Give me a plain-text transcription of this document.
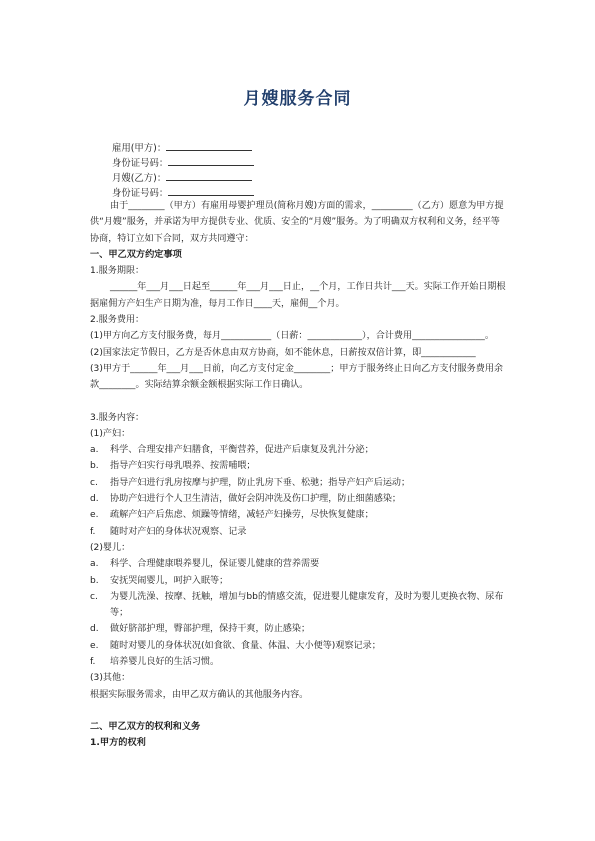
月嫂服务合同
雇用(甲方)：
身份证号码：
月嫂(乙方)：
身份证号码：

由于________（甲方）有雇用母婴护理员(简称月嫂)方面的需求，_________（乙方）愿意为甲方提供“月嫂”服务，并承诺为甲方提供专业、优质、安全的“月嫂”服务。为了明确双方权利和义务，经平等协商，特订立如下合同，双方共同遵守：

一、甲乙双方约定事项

1.服务期限：

______年___月___日起至______年___月___日止，__个月，工作日共计___天。实际工作开始日期根据雇佣方产妇生产日期为准，每月工作日____天，雇佣__个月。

2.服务费用：

(1)甲方向乙方支付服务费，每月___________（日薪：____________），合计费用________________。

(2)国家法定节假日，乙方是否休息由双方协商，如不能休息，日薪按双倍计算，即____________

(3)甲方于______年___月___日前，向乙方支付定金________；甲方于服务终止日向乙方支付服务费用余款________。实际结算余额金额根据实际工作日确认。

3.服务内容：

(1)产妇：

a.	科学、合理安排产妇膳食，平衡营养，促进产后康复及乳汁分泌；
b.	指导产妇实行母乳喂养、按需哺喂；
c.	指导产妇进行乳房按摩与护理，防止乳房下垂、松驰；指导产妇产后运动；
d.	协助产妇进行个人卫生清洁，做好会阴冲洗及伤口护理，防止细菌感染；
e.	疏解产妇产后焦虑、烦躁等情绪，减轻产妇操劳，尽快恢复健康；
f.	随时对产妇的身体状况观察、记录

(2)婴儿：

a.	科学、合理健康喂养婴儿，保证婴儿健康的营养需要
b.	安抚哭闹婴儿，呵护入眠等；
c.	为婴儿洗澡、按摩、抚触，增加与bb的情感交流，促进婴儿健康发育，及时为婴儿更换衣物、尿布等；
d.	做好脐部护理，臀部护理，保持干爽，防止感染；
e.	随时对婴儿的身体状况(如食欲、食量、体温、大小便等)观察记录；
f.	培养婴儿良好的生活习惯。

(3)其他：

根据实际服务需求，由甲乙双方确认的其他服务内容。

二、甲乙双方的权利和义务

1.甲方的权利
